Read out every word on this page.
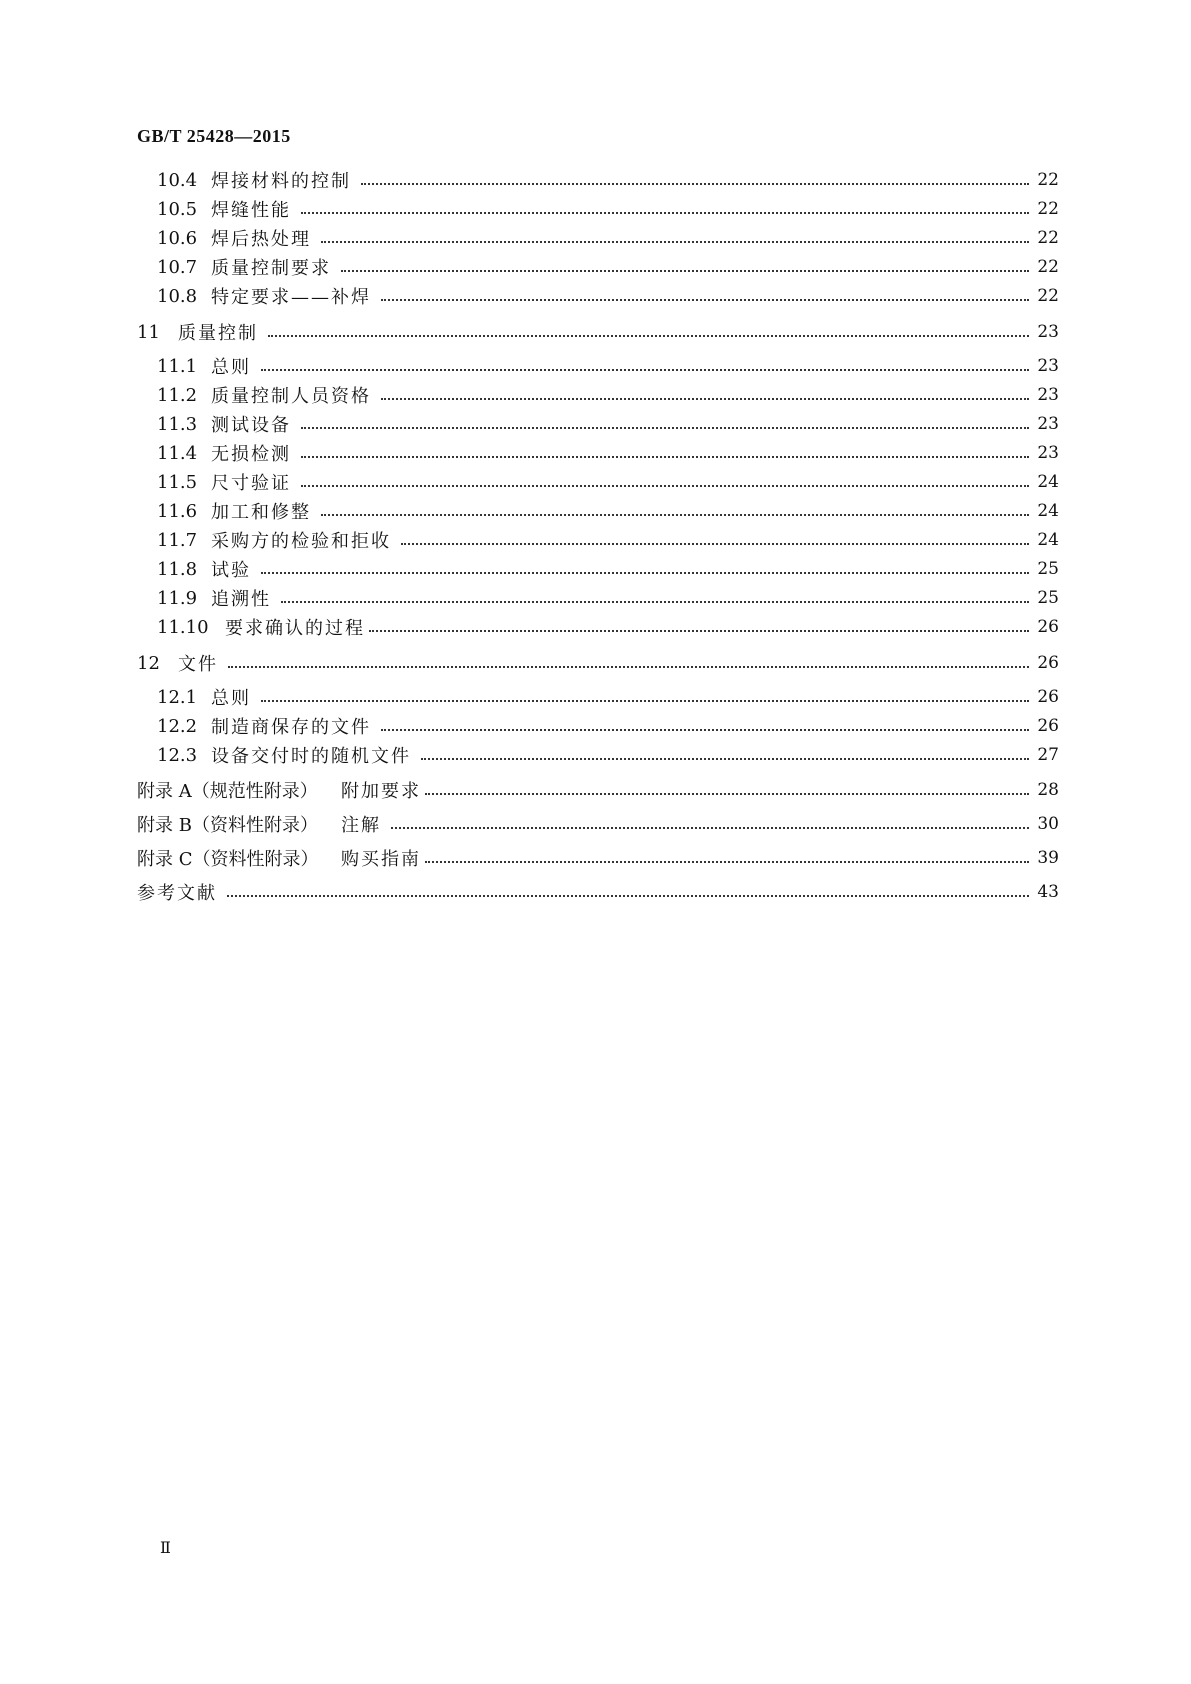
GB/T 25428—2015
10.4 焊接材料的控制	22
10.5 焊缝性能	22
10.6 焊后热处理	22
10.7 质量控制要求	22
10.8 特定要求——补焊	22
11	质量控制	23
11.1 总则	23
11.2 质量控制人员资格	23
11.3 测试设备	23
11.4 无损检测	23
11.5 尺寸验证	24
11.6 加工和修整	24
11.7 采购方的检验和拒收	24
11.8 试验	25
11.9 追溯性	25
11.10 要求确认的过程	26
12	文件	26
12.1 总则	26
12.2 制造商保存的文件	26
12.3 设备交付时的随机文件	27
附录 A（规范性附录）	附加要求	28
附录 B（资料性附录）	注解	30
附录 C（资料性附录）	购买指南	39
参考文献	43
Ⅱ
